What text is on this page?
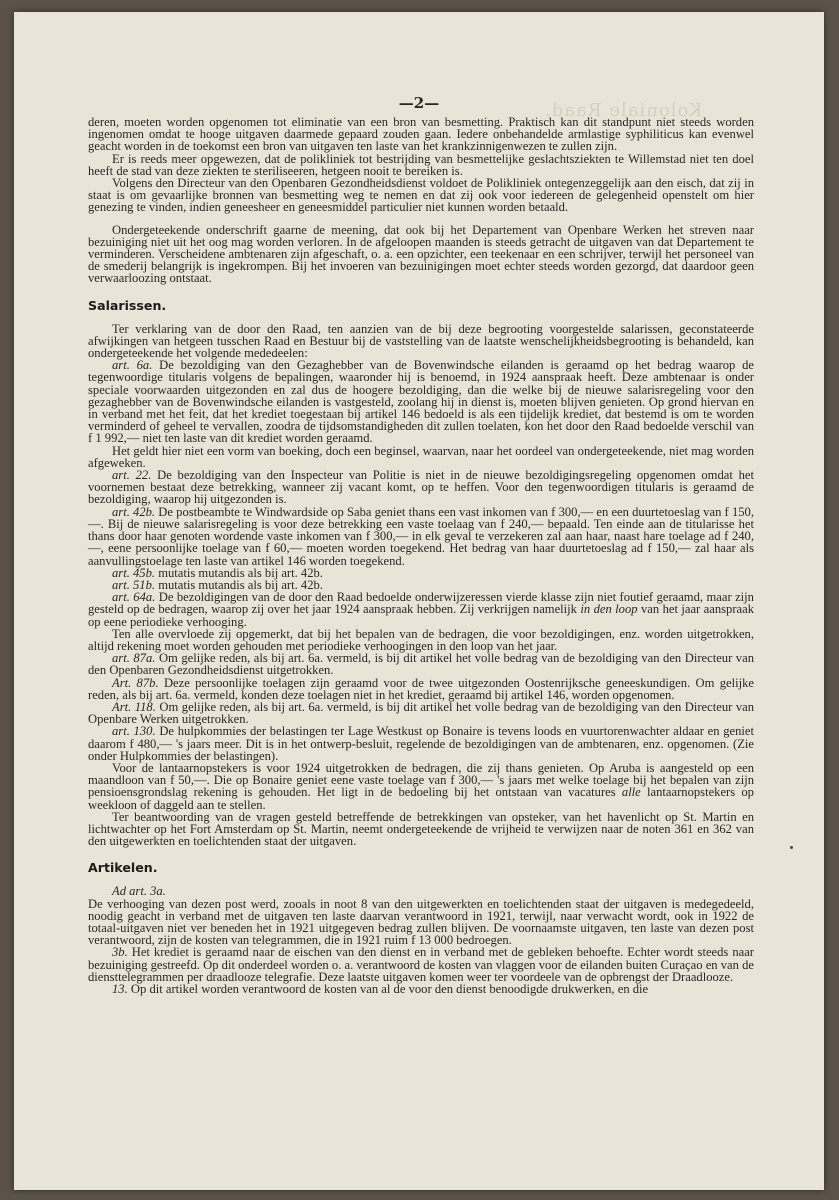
Koloniale Raad.
—2—

deren, moeten worden opgenomen tot eliminatie van een bron van besmetting. Praktisch kan dit standpunt niet steeds worden ingenomen omdat te hooge uitgaven daarmede gepaard zouden gaan. Iedere onbehandelde armlastige syphiliticus kan evenwel geacht worden in de toekomst een bron van uitgaven ten laste van het krankzinnigenwezen te zullen zijn.

Er is reeds meer opgewezen, dat de polikliniek tot bestrijding van besmettelijke geslachtsziekten te Willemstad niet ten doel heeft de stad van deze ziekten te steriliseeren, hetgeen nooit te bereiken is.

Volgens den Directeur van den Openbaren Gezondheidsdienst voldoet de Polikliniek ontegenzeggelijk aan den eisch, dat zij in staat is om gevaarlijke bronnen van besmetting weg te nemen en dat zij ook voor iedereen de gelegenheid openstelt om hier genezing te vinden, indien geneesheer en geneesmiddel particulier niet kunnen worden betaald.

Ondergeteekende onderschrift gaarne de meening, dat ook bij het Departement van Openbare Werken het streven naar bezuiniging niet uit het oog mag worden verloren. In de afgeloopen maanden is steeds getracht de uitgaven van dat Departement te verminderen. Verscheidene ambtenaren zijn afgeschaft, o. a. een opzichter, een teekenaar en een schrijver, terwijl het personeel van de smederij belangrijk is ingekrompen. Bij het invoeren van bezuinigingen moet echter steeds worden gezorgd, dat daardoor geen verwaarloozing ontstaat.

Salarissen.

Ter verklaring van de door den Raad, ten aanzien van de bij deze begrooting voorgestelde salarissen, geconstateerde afwijkingen van hetgeen tusschen Raad en Bestuur bij de vaststelling van de laatste wenschelijkheidsbegrooting is behandeld, kan ondergeteekende het volgende mededeelen:

art. 6a. De bezoldiging van den Gezaghebber van de Bovenwindsche eilanden is geraamd op het bedrag waarop de tegenwoordige titularis volgens de bepalingen, waaronder hij is benoemd, in 1924 aanspraak heeft. Deze ambtenaar is onder speciale voorwaarden uitgezonden en zal dus de hoogere bezoldiging, dan die welke bij de nieuwe salarisregeling voor den gezaghebber van de Bovenwindsche eilanden is vastgesteld, zoolang hij in dienst is, moeten blijven genieten. Op grond hiervan en in verband met het feit, dat het krediet toegestaan bij artikel 146 bedoeld is als een tijdelijk krediet, dat bestemd is om te worden verminderd of geheel te vervallen, zoodra de tijdsomstandigheden dit zullen toelaten, kon het door den Raad bedoelde verschil van f 1 992,— niet ten laste van dit krediet worden geraamd.

Het geldt hier niet een vorm van boeking, doch een beginsel, waarvan, naar het oordeel van ondergeteekende, niet mag worden afgeweken.

art. 22. De bezoldiging van den Inspecteur van Politie is niet in de nieuwe bezoldigingsregeling opgenomen omdat het voornemen bestaat deze betrekking, wanneer zij vacant komt, op te heffen. Voor den tegenwoordigen titularis is geraamd de bezoldiging, waarop hij uitgezonden is.

art. 42b. De postbeambte te Windwardside op Saba geniet thans een vast inkomen van f 300,— en een duurtetoeslag van f 150,—. Bij de nieuwe salarisregeling is voor deze betrekking een vaste toelaag van f 240,— bepaald. Ten einde aan de titularisse het thans door haar genoten wordende vaste inkomen van f 300,— in elk geval te verzekeren zal aan haar, naast hare toelage ad f 240,—, eene persoonlijke toelage van f 60,— moeten worden toegekend. Het bedrag van haar duurtetoeslag ad f 150,— zal haar als aanvullingstoelage ten laste van artikel 146 worden toegekend.

art. 45b. mutatis mutandis als bij art. 42b.

art. 51b. mutatis mutandis als bij art. 42b.

art. 64a. De bezoldigingen van de door den Raad bedoelde onderwijzeressen vierde klasse zijn niet foutief geraamd, maar zijn gesteld op de bedragen, waarop zij over het jaar 1924 aanspraak hebben. Zij verkrijgen namelijk in den loop van het jaar aanspraak op eene periodieke verhooging.

Ten alle overvloede zij opgemerkt, dat bij het bepalen van de bedragen, die voor bezoldigingen, enz. worden uitgetrokken, altijd rekening moet worden gehouden met periodieke verhoogingen in den loop van het jaar.

art. 87a. Om gelijke reden, als bij art. 6a. vermeld, is bij dit artikel het volle bedrag van de bezoldiging van den Directeur van den Openbaren Gezondheidsdienst uitgetrokken.

Art. 87b. Deze persoonlijke toelagen zijn geraamd voor de twee uitgezonden Oostenrijksche geneeskundigen. Om gelijke reden, als bij art. 6a. vermeld, konden deze toelagen niet in het krediet, geraamd bij artikel 146, worden opgenomen.

Art. 118. Om gelijke reden, als bij art. 6a. vermeld, is bij dit artikel het volle bedrag van de bezoldiging van den Directeur van Openbare Werken uitgetrokken.

art. 130. De hulpkommies der belastingen ter Lage Westkust op Bonaire is tevens loods en vuurtorenwachter aldaar en geniet daarom f 480,— 's jaars meer. Dit is in het ontwerp-besluit, regelende de bezoldigingen van de ambtenaren, enz. opgenomen. (Zie onder Hulpkommies der belastingen).

Voor de lantaarnopstekers is voor 1924 uitgetrokken de bedragen, die zij thans genieten. Op Aruba is aangesteld op een maandloon van f 50,—. Die op Bonaire geniet eene vaste toelage van f 300,— 's jaars met welke toelage bij het bepalen van zijn pensioensgrondslag rekening is gehouden. Het ligt in de bedoeling bij het ontstaan van vacatures alle lantaarnopstekers op weekloon of daggeld aan te stellen.

Ter beantwoording van de vragen gesteld betreffende de betrekkingen van opsteker, van het havenlicht op St. Martin en lichtwachter op het Fort Amsterdam op St. Martin, neemt ondergeteekende de vrijheid te verwijzen naar de noten 361 en 362 van den uitgewerkten en toelichtenden staat der uitgaven.

Artikelen.

Ad art. 3a.

De verhooging van dezen post werd, zooals in noot 8 van den uitgewerkten en toelichtenden staat der uitgaven is medegedeeld, noodig geacht in verband met de uitgaven ten laste daarvan verantwoord in 1921, terwijl, naar verwacht wordt, ook in 1922 de totaal-uitgaven niet ver beneden het in 1921 uitgegeven bedrag zullen blijven. De voornaamste uitgaven, ten laste van dezen post verantwoord, zijn de kosten van telegrammen, die in 1921 ruim f 13 000 bedroegen.

3b. Het krediet is geraamd naar de eischen van den dienst en in verband met de gebleken behoefte. Echter wordt steeds naar bezuiniging gestreefd. Op dit onderdeel worden o. a. verantwoord de kosten van vlaggen voor de eilanden buiten Curaçao en van de diensttelegrammen per draadlooze telegrafie. Deze laatste uitgaven komen weer ter voordeele van de opbrengst der Draadlooze.

13. Op dit artikel worden verantwoord de kosten van al de voor den dienst benoodigde drukwerken, en die
